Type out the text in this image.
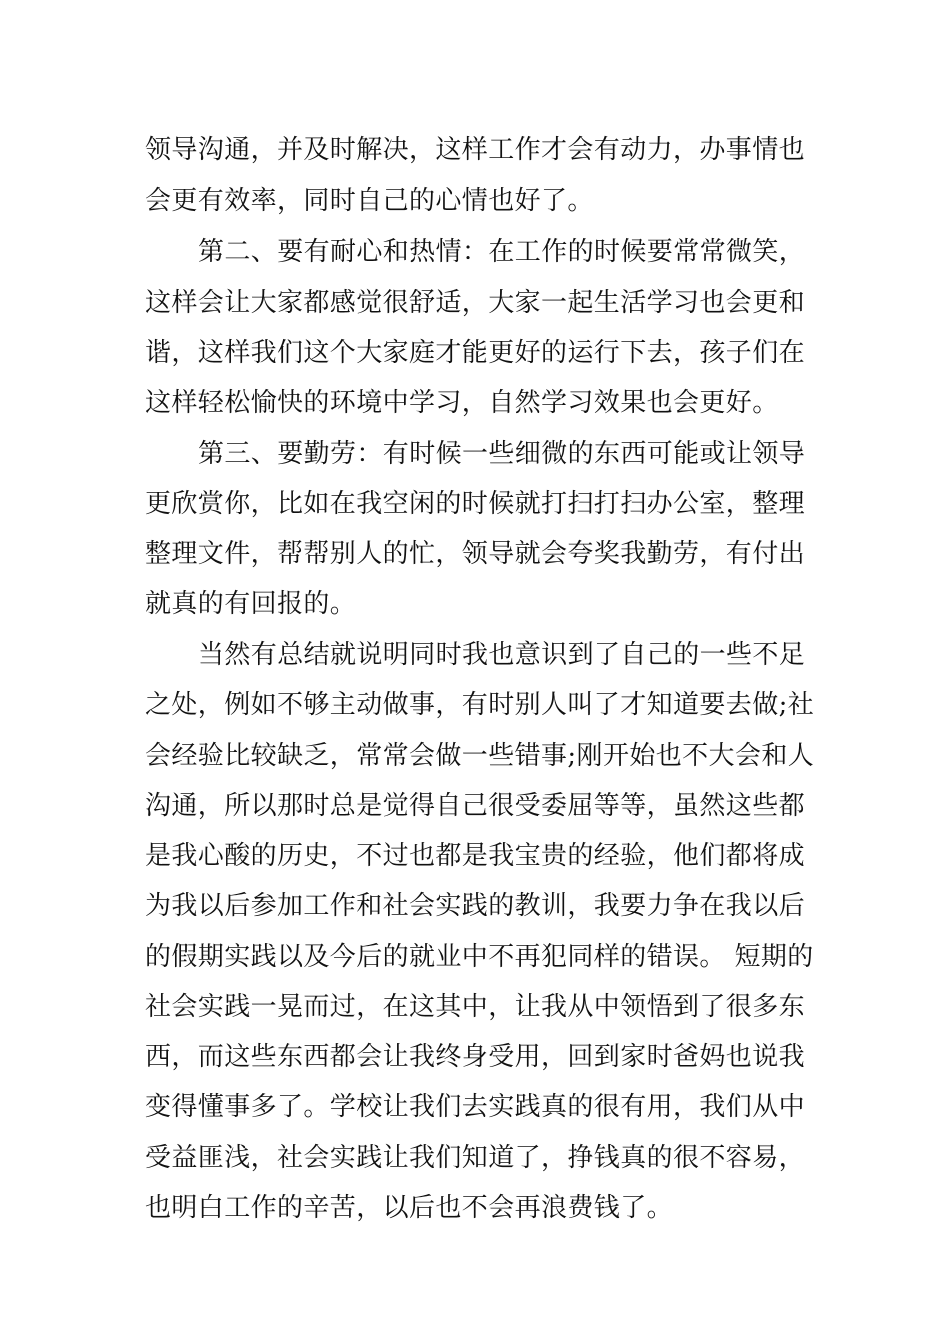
领导沟通，并及时解决，这样工作才会有动力，办事情也
会更有效率，同时自己的心情也好了。
第二、要有耐心和热情：在工作的时候要常常微笑，
这样会让大家都感觉很舒适，大家一起生活学习也会更和
谐，这样我们这个大家庭才能更好的运行下去，孩子们在
这样轻松愉快的环境中学习，自然学习效果也会更好。
第三、要勤劳：有时候一些细微的东西可能或让领导
更欣赏你，比如在我空闲的时候就打扫打扫办公室，整理
整理文件，帮帮别人的忙，领导就会夸奖我勤劳，有付出
就真的有回报的。
当然有总结就说明同时我也意识到了自己的一些不足
之处，例如不够主动做事，有时别人叫了才知道要去做;社
会经验比较缺乏，常常会做一些错事;刚开始也不大会和人
沟通，所以那时总是觉得自己很受委屈等等，虽然这些都
是我心酸的历史，不过也都是我宝贵的经验，他们都将成
为我以后参加工作和社会实践的教训，我要力争在我以后
的假期实践以及今后的就业中不再犯同样的错误。 短期的
社会实践一晃而过，在这其中，让我从中领悟到了很多东
西，而这些东西都会让我终身受用，回到家时爸妈也说我
变得懂事多了。学校让我们去实践真的很有用，我们从中
受益匪浅，社会实践让我们知道了，挣钱真的很不容易，
也明白工作的辛苦，以后也不会再浪费钱了。
